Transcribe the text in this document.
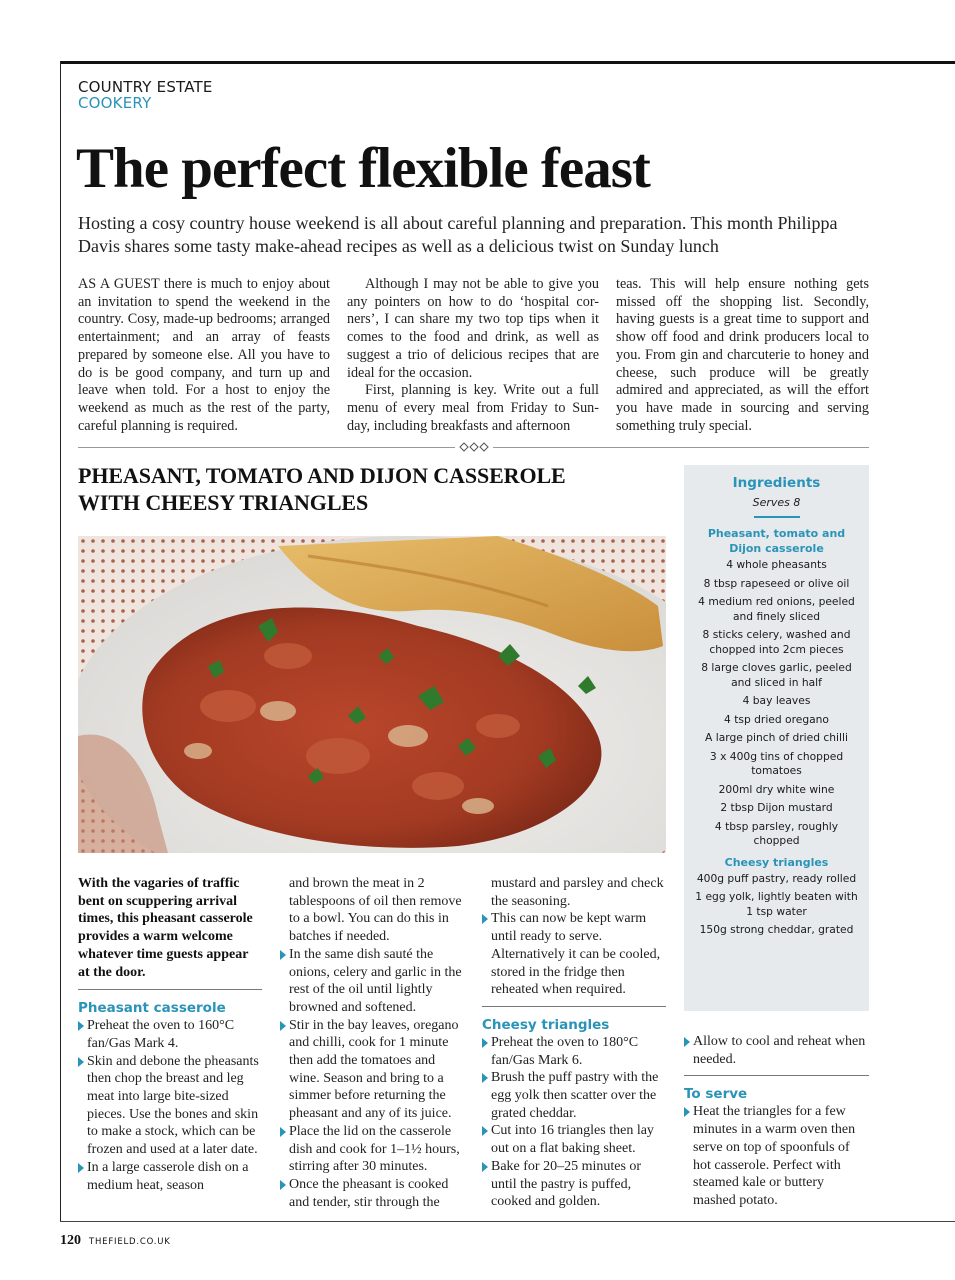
COUNTRY ESTATE
COOKERY
The perfect flexible feast

Hosting a cosy country house weekend is all about careful planning and preparation. This month Philippa Davis shares some tasty make-ahead recipes as well as a delicious twist on Sunday lunch

AS A GUEST there is much to enjoy about an invitation to spend the weekend in the country. Cosy, made-up bedrooms; arranged entertainment; and an array of feasts prepared by someone else. All you have to do is be good company, and turn up and leave when told. For a host to enjoy the weekend as much as the rest of the party, careful planning is required.

Although I may not be able to give you any pointers on how to do ‘hospital cor-ners’, I can share my two top tips when it comes to the food and drink, as well as suggest a trio of delicious recipes that are ideal for the occasion.

First, planning is key. Write out a full menu of every meal from Friday to Sun-day, including breakfasts and afternoon

teas. This will help ensure nothing gets missed off the shopping list. Secondly, having guests is a great time to support and show off food and drink producers local to you. From gin and charcuterie to honey and cheese, such produce will be greatly admired and appreciated, as will the effort you have made in sourcing and serving something truly special.

PHEASANT, TOMATO AND DIJON CASSEROLE
WITH CHEESY TRIANGLES
Ingredients
Serves 8
Pheasant, tomato and Dijon casserole
4 whole pheasants
8 tbsp rapeseed or olive oil
4 medium red onions, peeled and finely sliced
8 sticks celery, washed and chopped into 2cm pieces
8 large cloves garlic, peeled and sliced in half
4 bay leaves
4 tsp dried oregano
A large pinch of dried chilli
3 x 400g tins of chopped tomatoes
200ml dry white wine
2 tbsp Dijon mustard
4 tbsp parsley, roughly chopped
Cheesy triangles
400g puff pastry, ready rolled
1 egg yolk, lightly beaten with 1 tsp water
150g strong cheddar, grated

With the vagaries of traffic bent on scuppering arrival times, this pheasant casserole provides a warm welcome whatever time guests appear at the door.

Pheasant casserole

Preheat the oven to 160°C fan/Gas Mark 4.

Skin and debone the pheasants then chop the breast and leg meat into large bite-sized pieces. Use the bones and skin to make a stock, which can be frozen and used at a later date.

In a large casserole dish on a medium heat, season

and brown the meat in 2 tablespoons of oil then remove to a bowl. You can do this in batches if needed.

In the same dish sauté the onions, celery and garlic in the rest of the oil until lightly browned and softened.

Stir in the bay leaves, oregano and chilli, cook for 1 minute then add the tomatoes and wine. Season and bring to a simmer before returning the pheasant and any of its juice.

Place the lid on the casserole dish and cook for 1–1½ hours, stirring after 30 minutes.

Once the pheasant is cooked and tender, stir through the

mustard and parsley and check the seasoning.

This can now be kept warm until ready to serve. Alternatively it can be cooled, stored in the fridge then reheated when required.

Cheesy triangles

Preheat the oven to 180°C fan/Gas Mark 6.

Brush the puff pastry with the egg yolk then scatter over the grated cheddar.

Cut into 16 triangles then lay out on a flat baking sheet.

Bake for 20–25 minutes or until the pastry is puffed, cooked and golden.

Allow to cool and reheat when needed.

To serve

Heat the triangles for a few minutes in a warm oven then serve on top of spoonfuls of hot casserole. Perfect with steamed kale or buttery mashed potato.

120 THEFIELD.CO.UK
